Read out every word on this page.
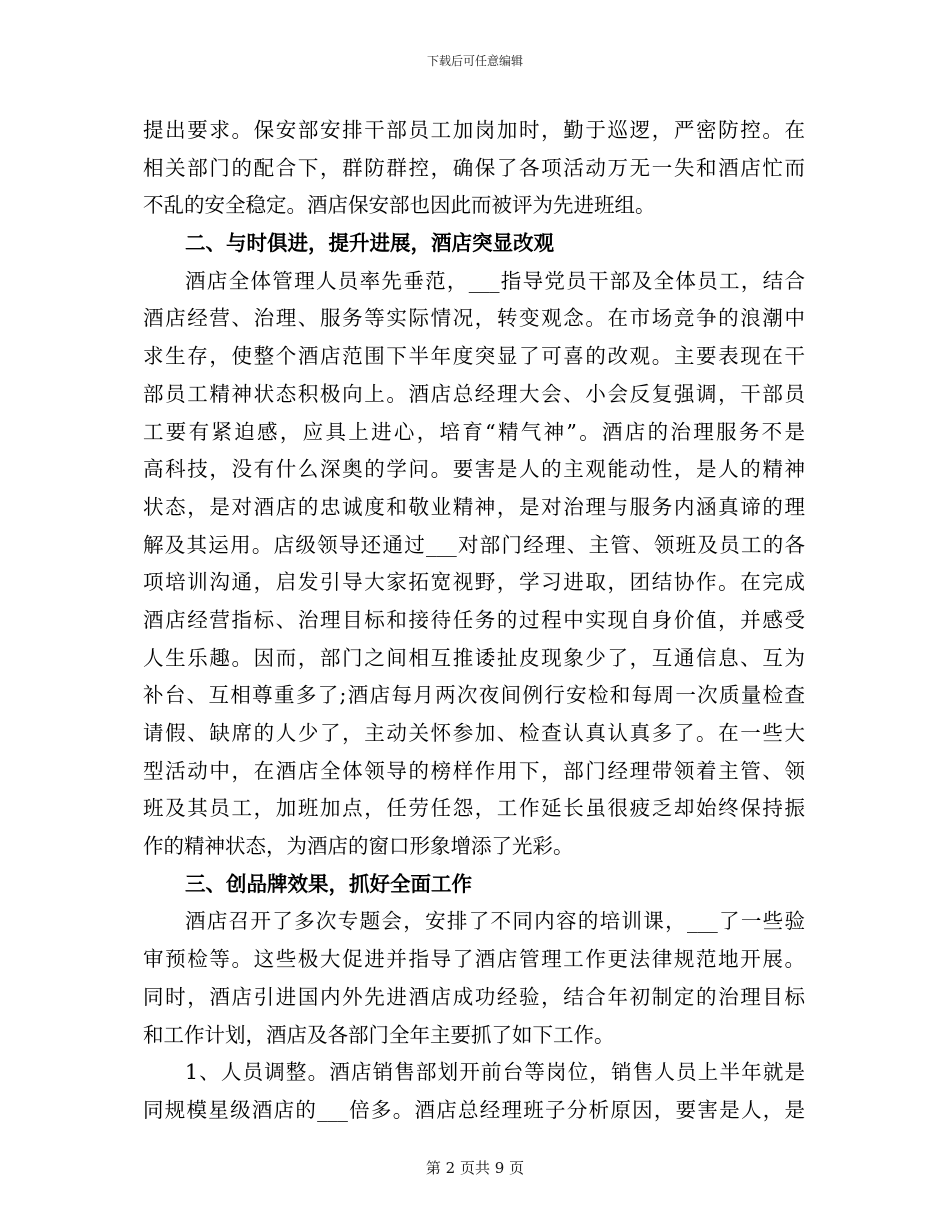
下载后可任意编辑
提出要求。保安部安排干部员工加岗加时，勤于巡逻，严密防控。在
相关部门的配合下，群防群控，确保了各项活动万无一失和酒店忙而
不乱的安全稳定。酒店保安部也因此而被评为先进班组。
二、与时俱进，提升进展，酒店突显改观
酒店全体管理人员率先垂范，___指导党员干部及全体员工，结合
酒店经营、治理、服务等实际情况，转变观念。在市场竞争的浪潮中
求生存，使整个酒店范围下半年度突显了可喜的改观。主要表现在干
部员工精神状态积极向上。酒店总经理大会、小会反复强调，干部员
工要有紧迫感，应具上进心，培育“精气神”。酒店的治理服务不是
高科技，没有什么深奥的学问。要害是人的主观能动性，是人的精神
状态，是对酒店的忠诚度和敬业精神，是对治理与服务内涵真谛的理
解及其运用。店级领导还通过___对部门经理、主管、领班及员工的各
项培训沟通，启发引导大家拓宽视野，学习进取，团结协作。在完成
酒店经营指标、治理目标和接待任务的过程中实现自身价值，并感受
人生乐趣。因而，部门之间相互推诿扯皮现象少了，互通信息、互为
补台、互相尊重多了;酒店每月两次夜间例行安检和每周一次质量检查
请假、缺席的人少了，主动关怀参加、检查认真认真多了。在一些大
型活动中，在酒店全体领导的榜样作用下，部门经理带领着主管、领
班及其员工，加班加点，任劳任怨，工作延长虽很疲乏却始终保持振
作的精神状态，为酒店的窗口形象增添了光彩。
三、创品牌效果，抓好全面工作
酒店召开了多次专题会，安排了不同内容的培训课，___了一些验
审预检等。这些极大促进并指导了酒店管理工作更法律规范地开展。
同时，酒店引进国内外先进酒店成功经验，结合年初制定的治理目标
和工作计划，酒店及各部门全年主要抓了如下工作。
1、人员调整。酒店销售部划开前台等岗位，销售人员上半年就是
同规模星级酒店的___倍多。酒店总经理班子分析原因，要害是人，是
第 2 页共 9 页
